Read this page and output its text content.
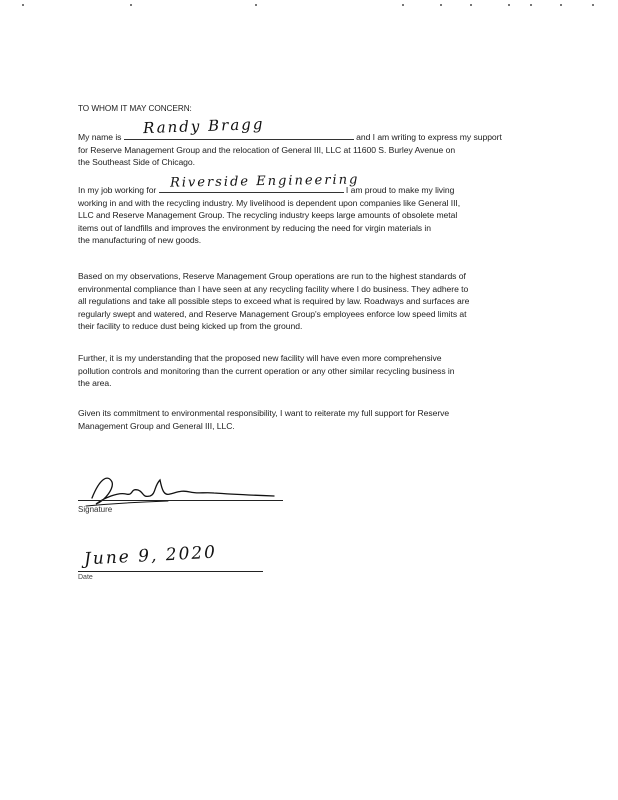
TO WHOM IT MAY CONCERN:
My name is	and I am writing to express my support
for Reserve Management Group and the relocation of General III, LLC at 11600 S. Burley Avenue on
the Southeast Side of Chicago.
Randy Bragg
In my job working for	I am proud to make my living
working in and with the recycling industry. My livelihood is dependent upon companies like General III,
LLC and Reserve Management Group. The recycling industry keeps large amounts of obsolete metal
items out of landfills and improves the environment by reducing the need for virgin materials in
the manufacturing of new goods.
Riverside Engineering
Based on my observations, Reserve Management Group operations are run to the highest standards of
environmental compliance than I have seen at any recycling facility where I do business. They adhere to
all regulations and take all possible steps to exceed what is required by law. Roadways and surfaces are
regularly swept and watered, and Reserve Management Group's employees enforce low speed limits at
their facility to reduce dust being kicked up from the ground.
Further, it is my understanding that the proposed new facility will have even more comprehensive
pollution controls and monitoring than the current operation or any other similar recycling business in
the area.
Given its commitment to environmental responsibility, I want to reiterate my full support for Reserve
Management Group and General III, LLC.
Signature
June 9, 2020
Date
